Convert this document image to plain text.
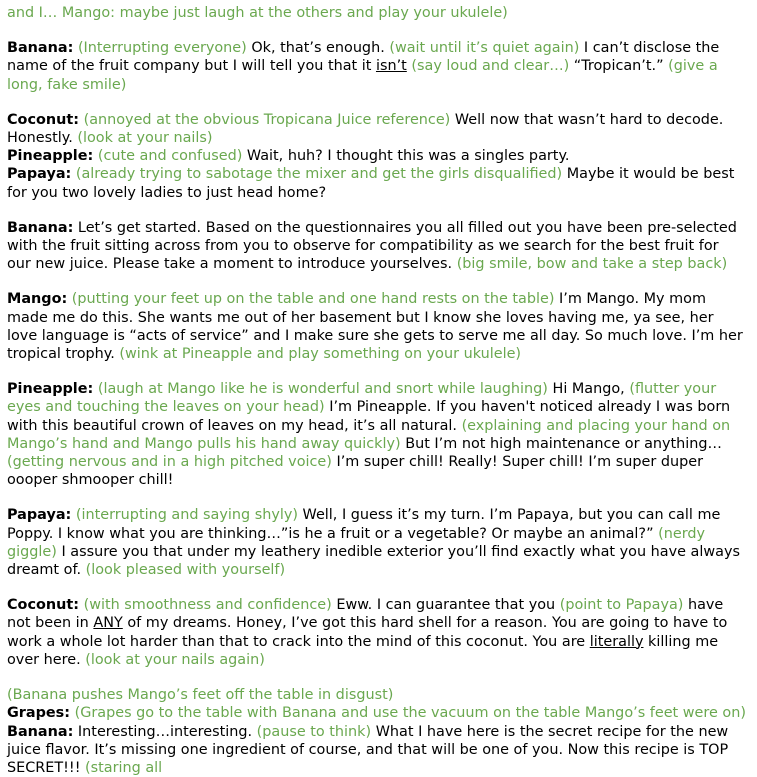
and I… Mango: maybe just laugh at the others and play your ukulele)
Banana: (Interrupting everyone) Ok, that’s enough. (wait until it’s quiet again) I can’t disclose the name of the fruit company but I will tell you that it isn’t (say loud and clear…) “Tropican’t.” (give a long, fake smile)
Coconut: (annoyed at the obvious Tropicana Juice reference) Well now that wasn’t hard to decode. Honestly. (look at your nails)
Pineapple: (cute and confused) Wait, huh? I thought this was a singles party.
Papaya: (already trying to sabotage the mixer and get the girls disqualified) Maybe it would be best for you two lovely ladies to just head home?
Banana: Let’s get started. Based on the questionnaires you all filled out you have been pre-selected with the fruit sitting across from you to observe for compatibility as we search for the best fruit for our new juice. Please take a moment to introduce yourselves. (big smile, bow and take a step back)
Mango: (putting your feet up on the table and one hand rests on the table) I’m Mango. My mom made me do this. She wants me out of her basement but I know she loves having me, ya see, her love language is “acts of service” and I make sure she gets to serve me all day. So much love. I’m her tropical trophy. (wink at Pineapple and play something on your ukulele)
Pineapple: (laugh at Mango like he is wonderful and snort while laughing) Hi Mango, (flutter your eyes and touching the leaves on your head) I’m Pineapple. If you haven't noticed already I was born with this beautiful crown of leaves on my head, it’s all natural. (explaining and placing your hand on Mango’s hand and Mango pulls his hand away quickly) But I’m not high maintenance or anything…(getting nervous and in a high pitched voice) I’m super chill! Really! Super chill! I’m super duper oooper shmooper chill!
Papaya: (interrupting and saying shyly) Well, I guess it’s my turn. I’m Papaya, but you can call me Poppy. I know what you are thinking…”is he a fruit or a vegetable? Or maybe an animal?” (nerdy giggle) I assure you that under my leathery inedible exterior you’ll find exactly what you have always dreamt of. (look pleased with yourself)
Coconut: (with smoothness and confidence) Eww. I can guarantee that you (point to Papaya) have not been in ANY of my dreams. Honey, I’ve got this hard shell for a reason. You are going to have to work a whole lot harder than that to crack into the mind of this coconut. You are literally killing me over here. (look at your nails again)
(Banana pushes Mango’s feet off the table in disgust)
Grapes: (Grapes go to the table with Banana and use the vacuum on the table Mango’s feet were on)
Banana: Interesting…interesting. (pause to think) What I have here is the secret recipe for the new juice flavor. It’s missing one ingredient of course, and that will be one of you. Now this recipe is TOP SECRET!!! (staring all
